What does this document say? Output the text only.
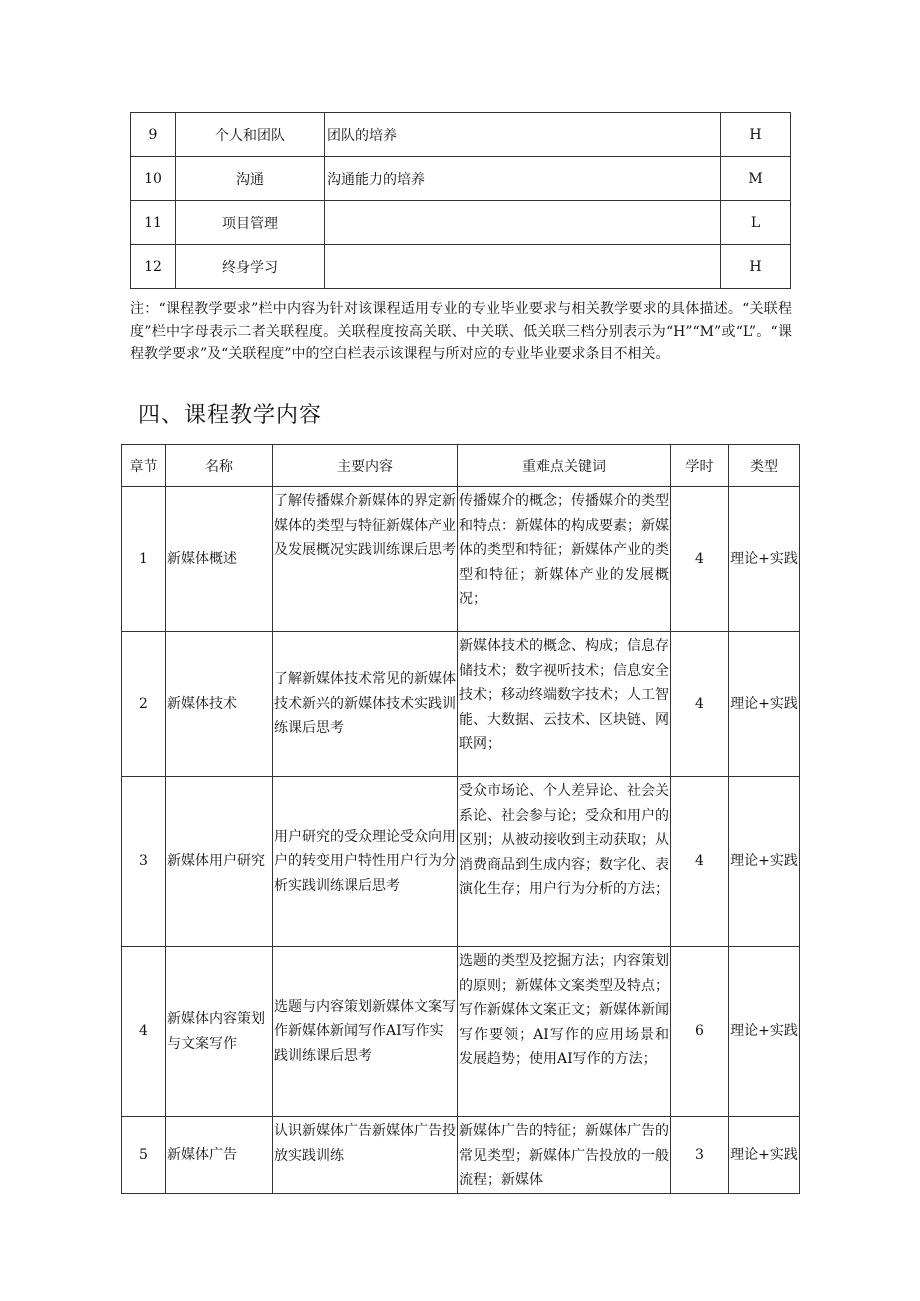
9	个人和团队	团队的培养	H
10	沟通	沟通能力的培养	M
11	项目管理		L
12	终身学习		H

注：“课程教学要求”栏中内容为针对该课程适用专业的专业毕业要求与相关教学要求的具体描述。“关联程度”栏中字母表示二者关联程度。关联程度按高关联、中关联、低关联三档分别表示为“H”“M”或“L”。“课程教学要求”及“关联程度”中的空白栏表示该课程与所对应的专业毕业要求条目不相关。

四、课程教学内容
章节	名称	主要内容	重难点关键词	学时	类型
1	新媒体概述	了解传播媒介新媒体的界定新媒体的类型与特征新媒体产业及发展概况实践训练课后思考	传播媒介的概念；传播媒介的类型和特点：新媒体的构成要素；新媒体的类型和特征；新媒体产业的类型和特征；新媒体产业的发展概况；	4	理论+实践
2	新媒体技术	了解新媒体技术常见的新媒体技术新兴的新媒体技术实践训练课后思考	新媒体技术的概念、构成；信息存储技术；数字视听技术；信息安全技术；移动终端数字技术；人工智能、大数据、云技术、区块链、网联网；	4	理论+实践
3	新媒体用户研究	用户研究的受众理论受众向用户的转变用户特性用户行为分析实践训练课后思考	受众市场论、个人差异论、社会关系论、社会参与论；受众和用户的区别；从被动接收到主动获取；从消费商品到生成内容；数字化、表演化生存；用户行为分析的方法；	4	理论+实践
4	新媒体内容策划与文案写作	选题与内容策划新媒体文案写作新媒体新闻写作AI写作实践训练课后思考	选题的类型及挖掘方法；内容策划的原则；新媒体文案类型及特点；写作新媒体文案正文；新媒体新闻写作要领；AI写作的应用场景和发展趋势；使用AI写作的方法；	6	理论+实践
5	新媒体广告	认识新媒体广告新媒体广告投放实践训练	新媒体广告的特征；新媒体广告的常见类型；新媒体广告投放的一般流程；新媒体	3	理论+实践
